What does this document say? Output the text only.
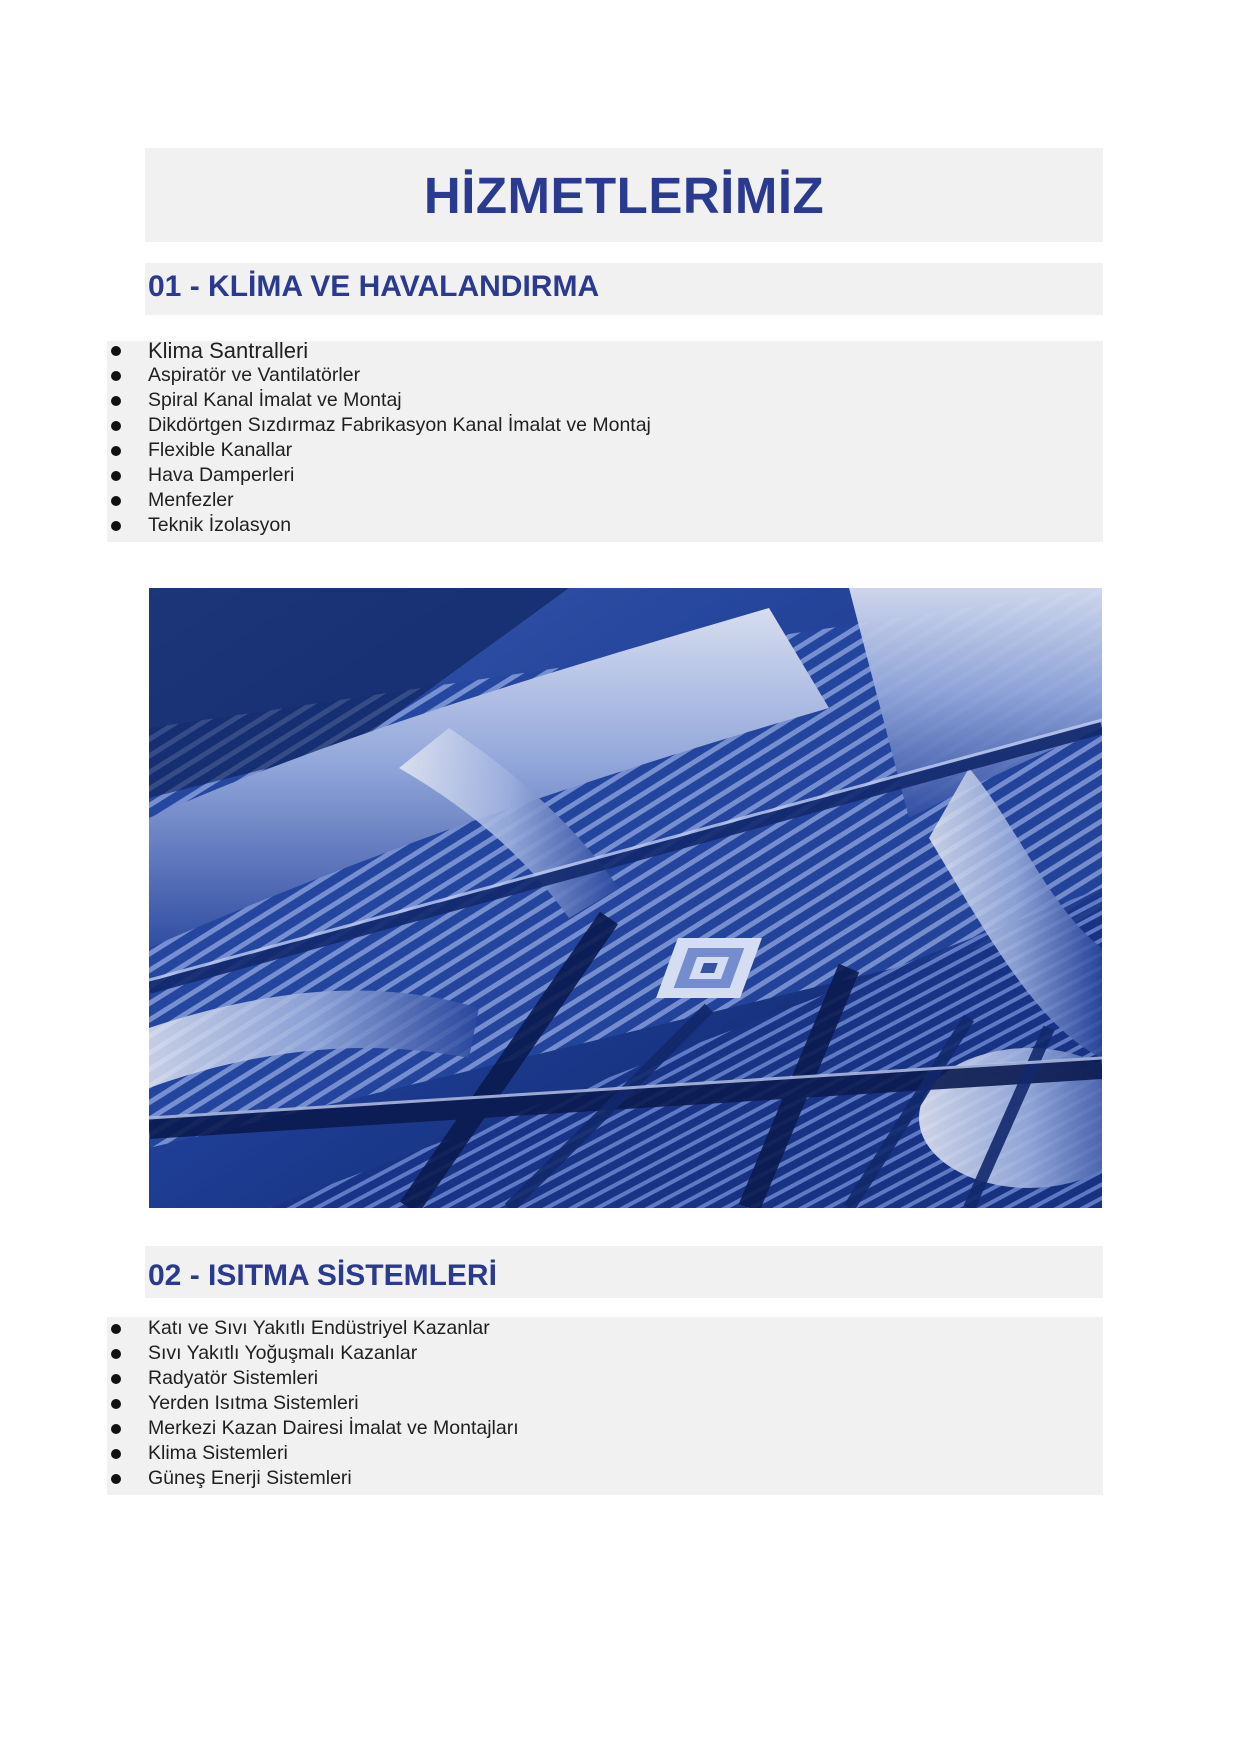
HİZMETLERİMİZ
01 - KLİMA VE HAVALANDIRMA
Klima Santralleri
Aspiratör ve Vantilatörler
Spiral Kanal İmalat ve Montaj
Dikdörtgen Sızdırmaz Fabrikasyon Kanal İmalat ve Montaj
Flexible Kanallar
Hava Damperleri
Menfezler
Teknik İzolasyon
02 - ISITMA SİSTEMLERİ
Katı ve Sıvı Yakıtlı Endüstriyel Kazanlar
Sıvı Yakıtlı Yoğuşmalı Kazanlar
Radyatör Sistemleri
Yerden Isıtma Sistemleri
Merkezi Kazan Dairesi İmalat ve Montajları
Klima Sistemleri
Güneş Enerji Sistemleri
